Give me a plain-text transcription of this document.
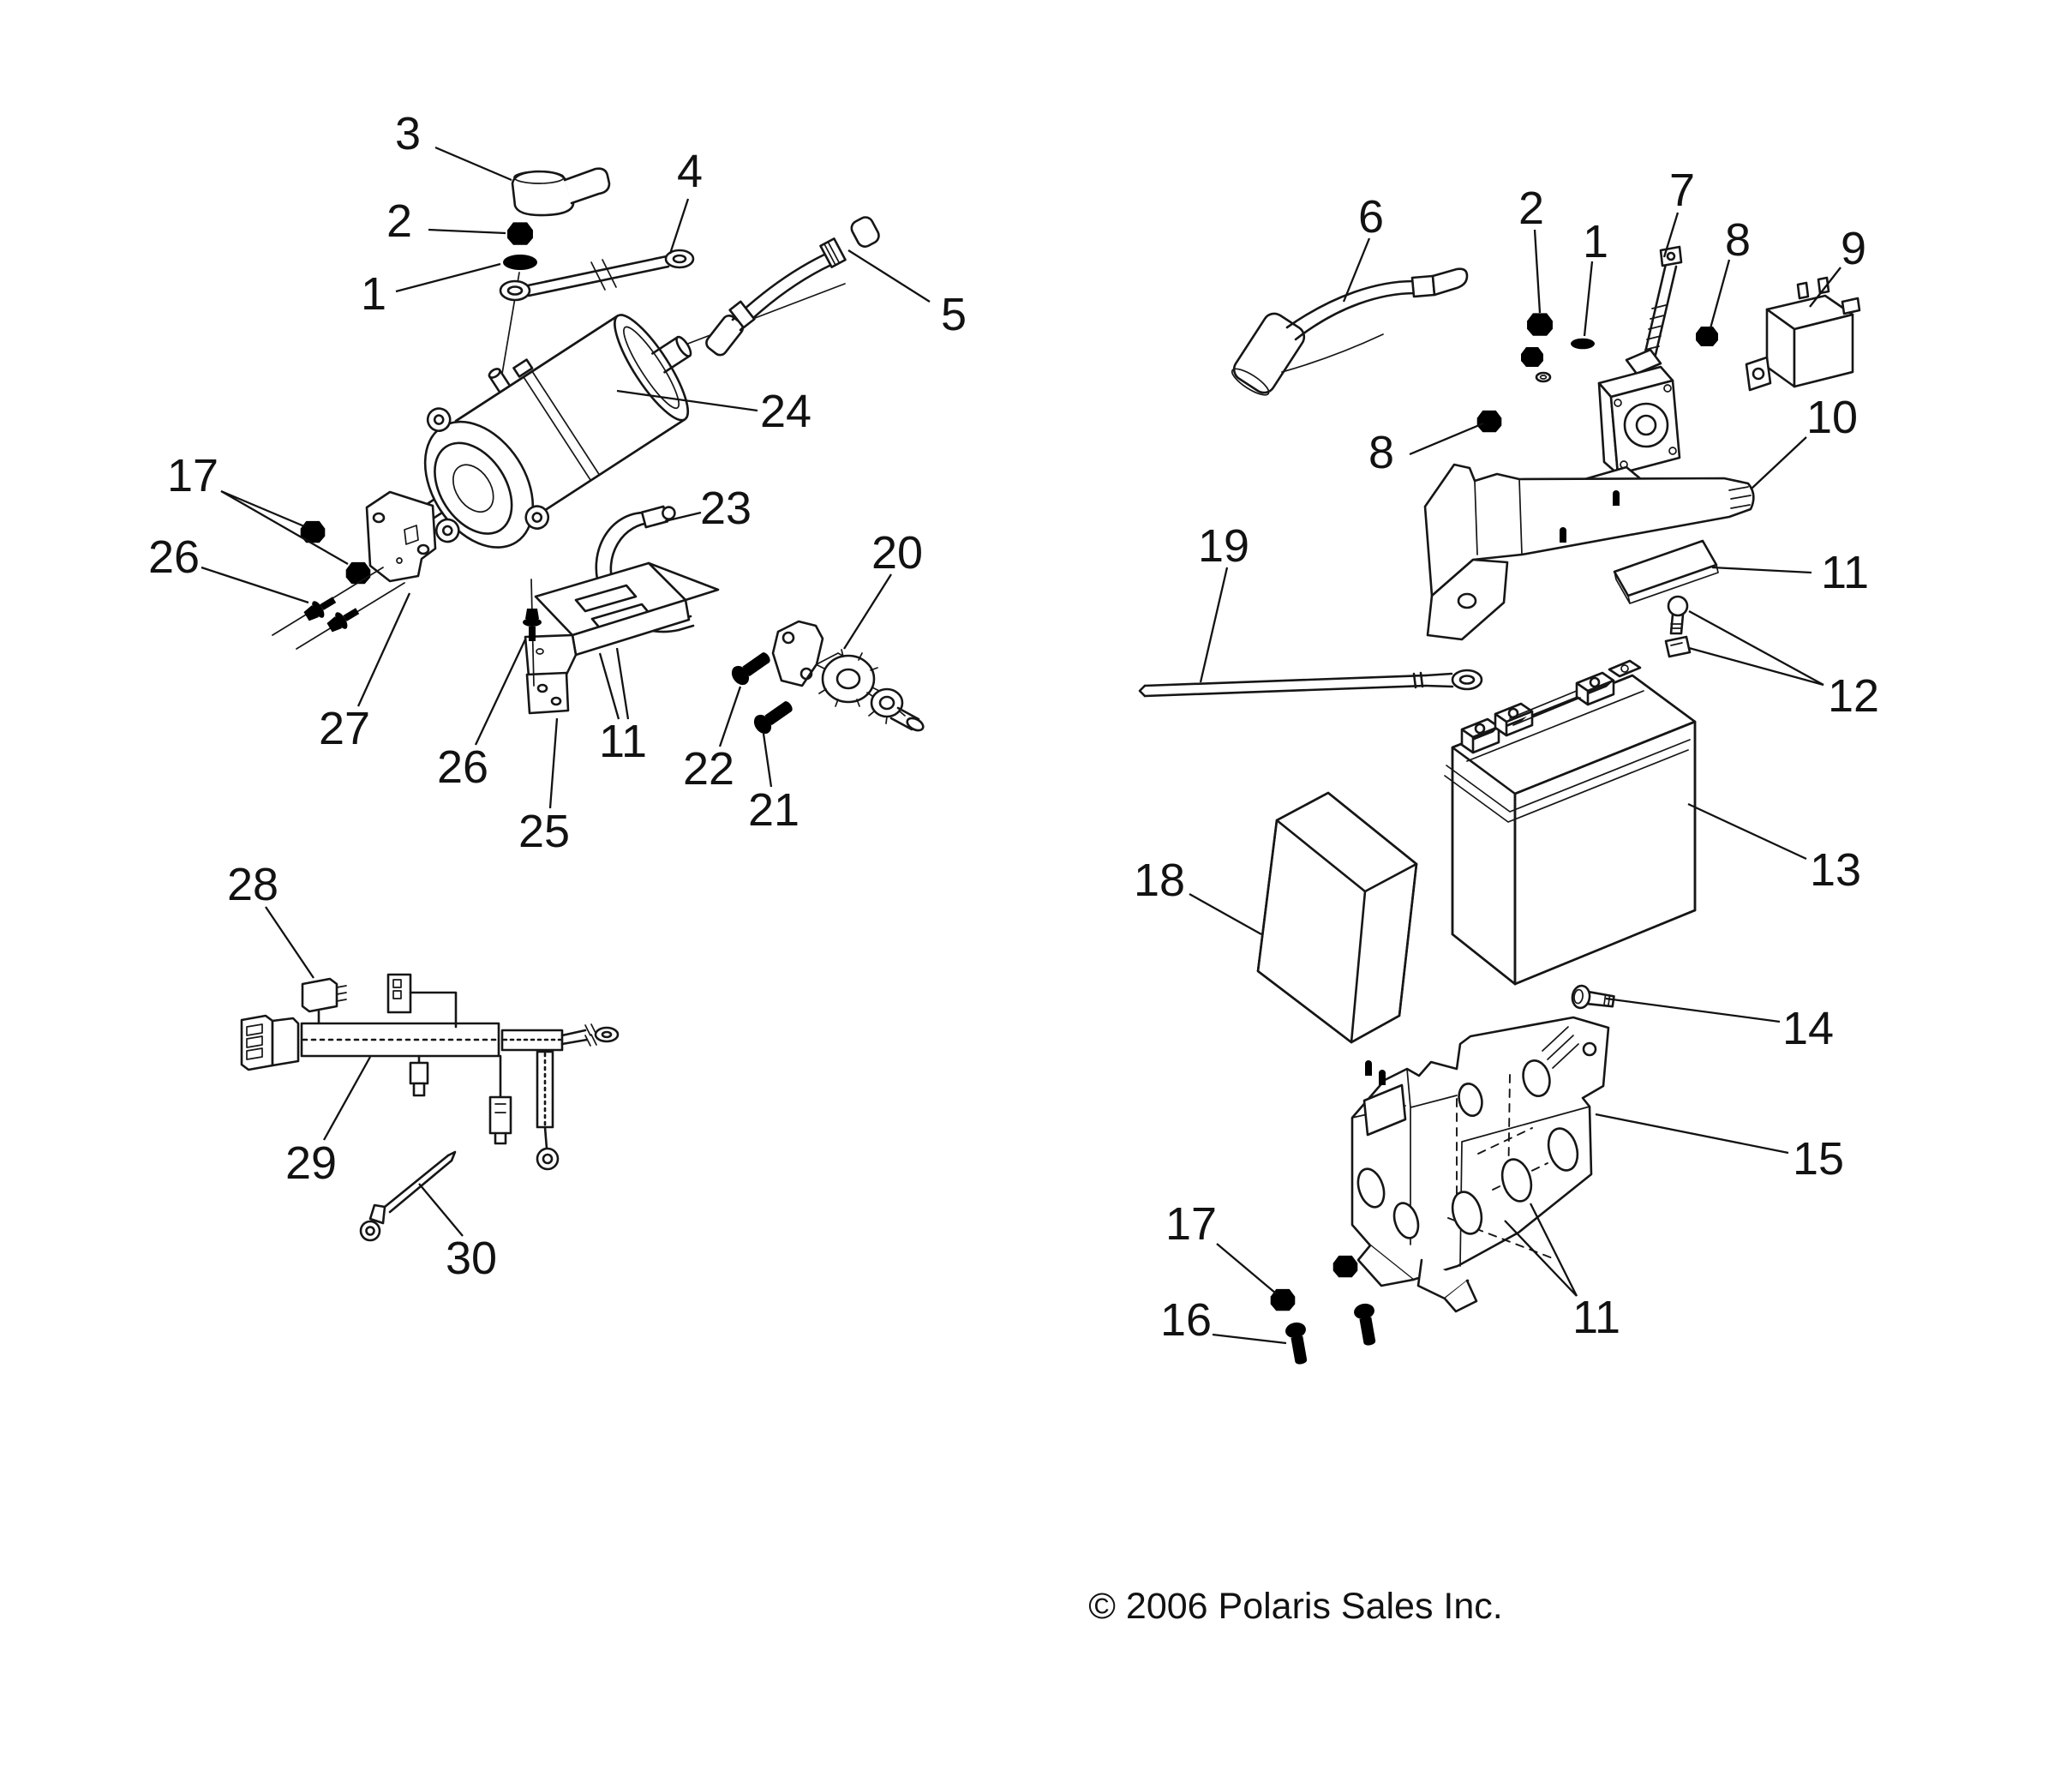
3
2
1
4
5
24
23
20
17
26
27
26
25
11
22
21
28
29
30
6	2
1
7
8 9
8
10
19
11
12
13
18
14
15
17
16	11
© 2006 Polaris Sales Inc.
